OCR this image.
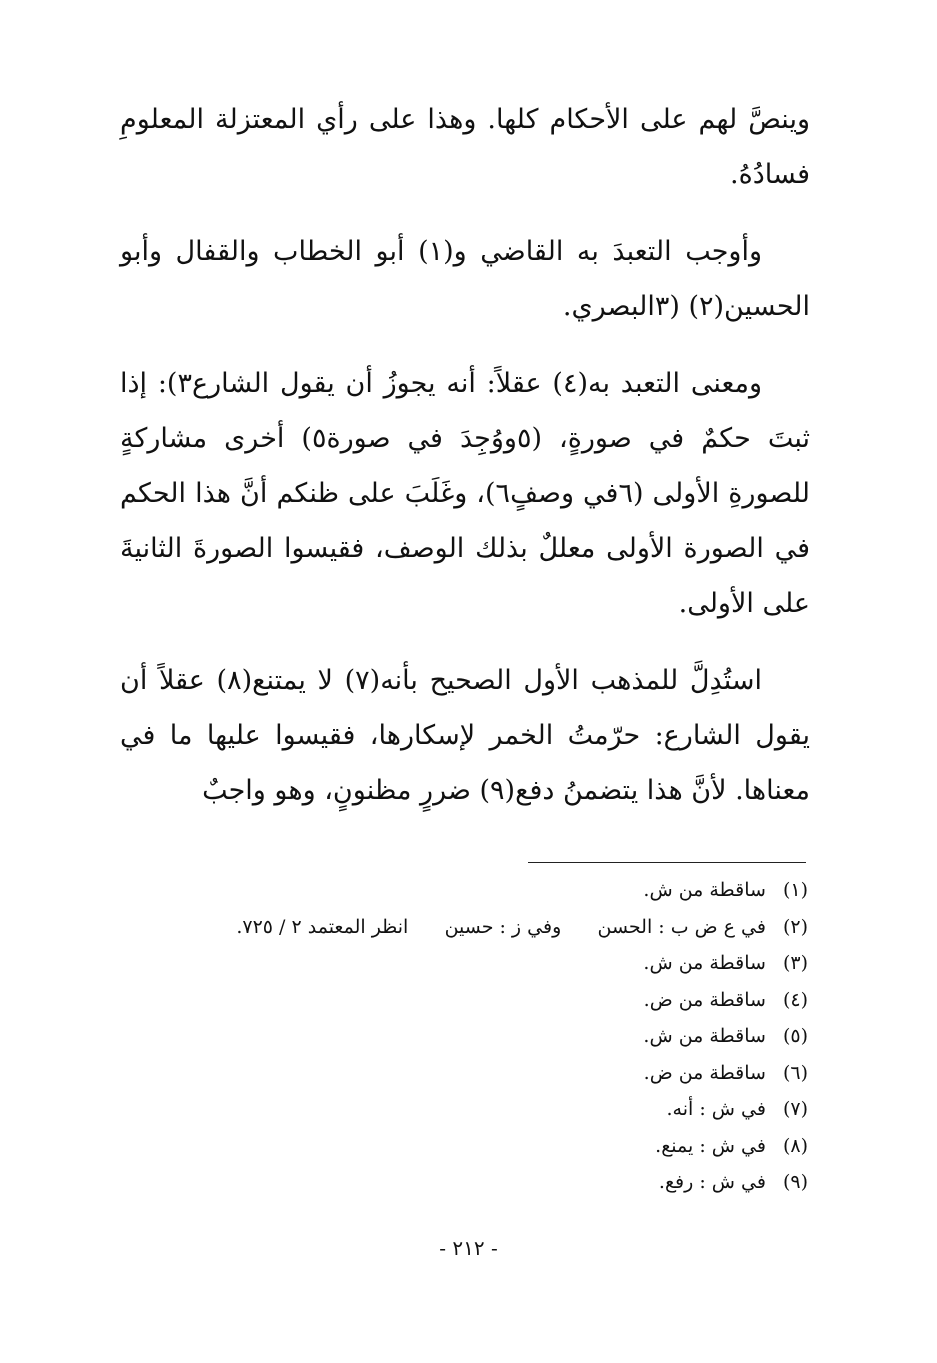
وينصَّ لهم على الأحكام كلها. وهذا على رأي المعتزلة المعلومِ فسادُهُ.

وأوجب التعبدَ به القاضي و(١) أبو الخطاب والقفال وأبو الحسين(٢) (٣البصري.

ومعنى التعبد به(٤) عقلاً: أنه يجوزُ أن يقول الشارع٣): إذا ثبتَ حكمٌ في صورةٍ، (٥ووُجِدَ في صورة٥) أخرى مشاركةٍ للصورةِ الأولى (٦في وصفٍ٦)، وغَلَبَ على ظنكم أنَّ هذا الحكم في الصورة الأولى معللٌ بذلك الوصف، فقيسوا الصورةَ الثانيةَ على الأولى.

استُدِلَّ للمذهب الأول الصحيح بأنه(٧) لا يمتنع(٨) عقلاً أن يقول الشارع: حرّمتُ الخمر لإسكارها، فقيسوا عليها ما في معناها. لأنَّ هذا يتضمنُ دفع(٩) ضررٍ مظنونٍ، وهو واجبٌ

(١) ساقطة من ش.
(٢) في ع ض ب : الحسن      وفي ز : حسين      انظر المعتمد ٢ / ٧٢٥.
(٣) ساقطة من ش.
(٤) ساقطة من ض.
(٥) ساقطة من ش.
(٦) ساقطة من ض.
(٧) في ش : أنه.
(٨) في ش : يمنع.
(٩) في ش : رفع.
- ٢١٢ -
